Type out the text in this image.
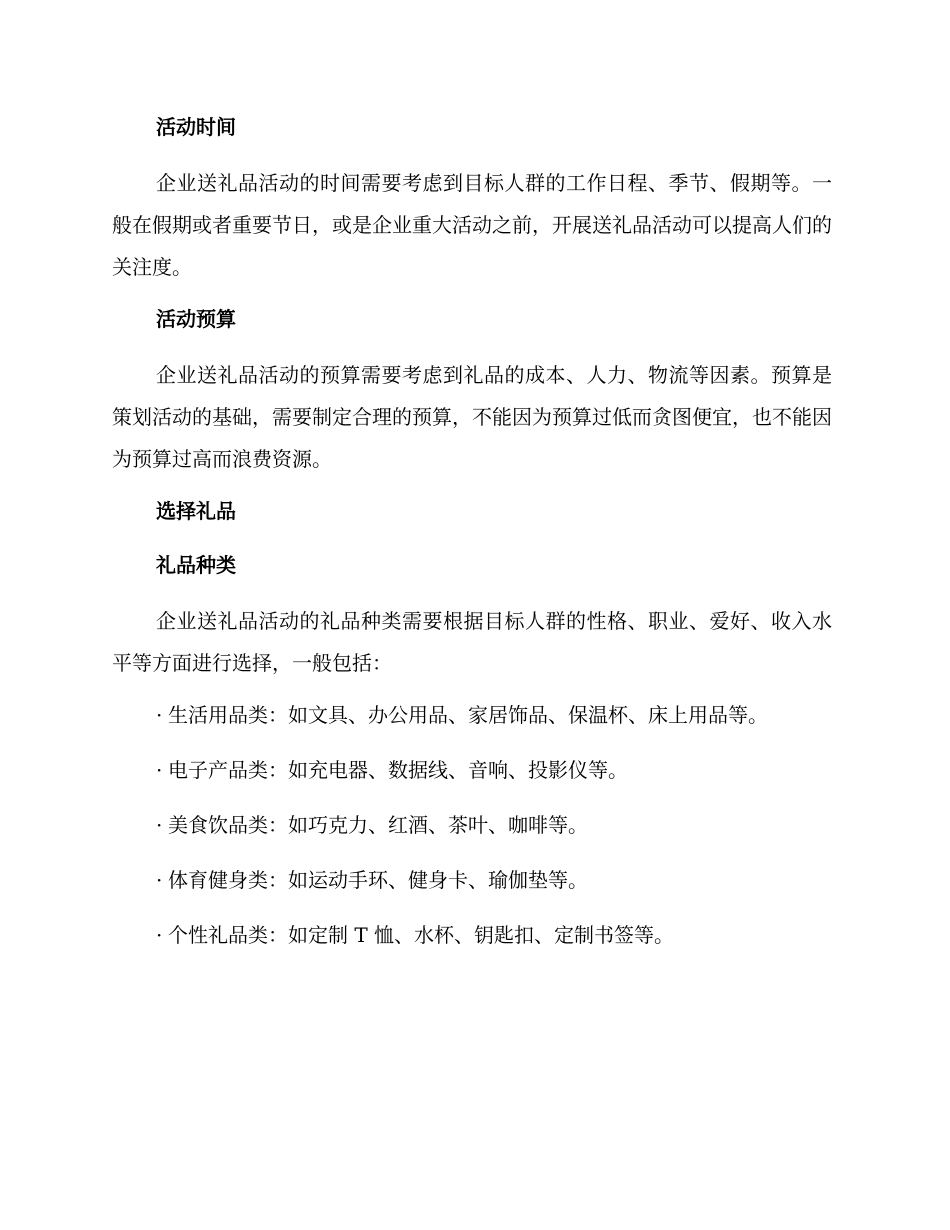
活动时间

企业送礼品活动的时间需要考虑到目标人群的工作日程、季节、假期等。一般在假期或者重要节日，或是企业重大活动之前，开展送礼品活动可以提高人们的关注度。

活动预算

企业送礼品活动的预算需要考虑到礼品的成本、人力、物流等因素。预算是策划活动的基础，需要制定合理的预算，不能因为预算过低而贪图便宜，也不能因为预算过高而浪费资源。

选择礼品
礼品种类

企业送礼品活动的礼品种类需要根据目标人群的性格、职业、爱好、收入水平等方面进行选择，一般包括：

· 生活用品类：如文具、办公用品、家居饰品、保温杯、床上用品等。
· 电子产品类：如充电器、数据线、音响、投影仪等。
· 美食饮品类：如巧克力、红酒、茶叶、咖啡等。
· 体育健身类：如运动手环、健身卡、瑜伽垫等。
· 个性礼品类：如定制 T 恤、水杯、钥匙扣、定制书签等。
